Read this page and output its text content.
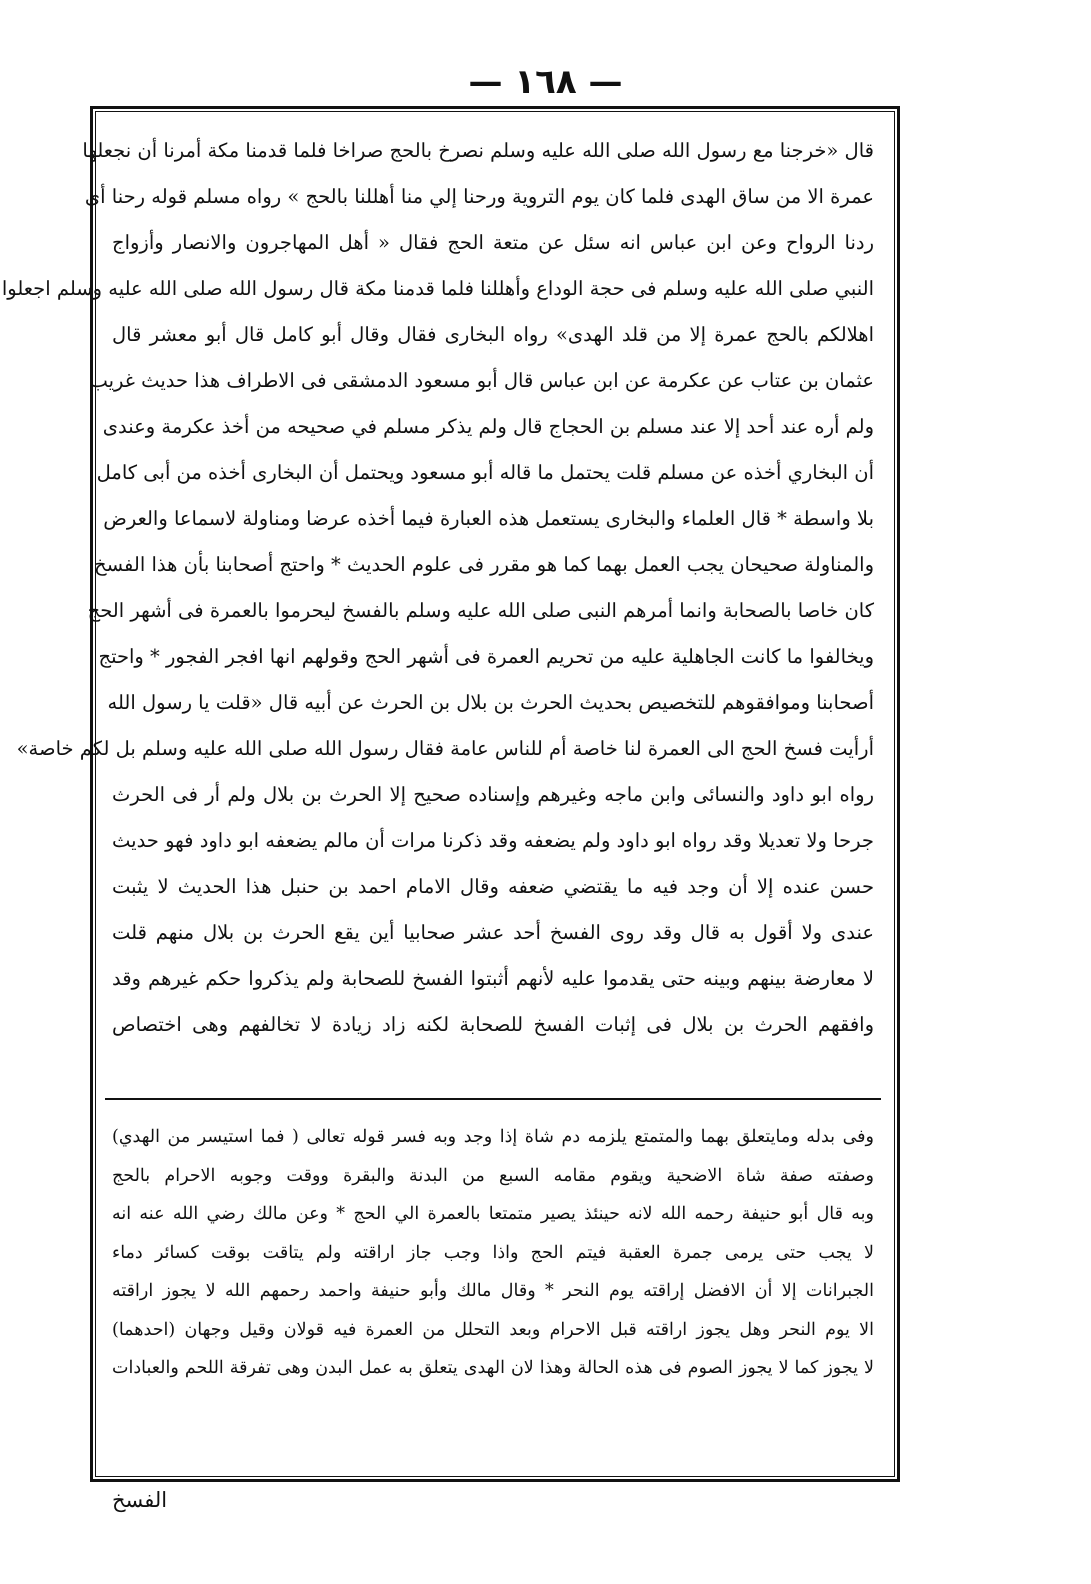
— ١٦٨ —
قال «خرجنا مع رسول الله صلى الله عليه وسلم نصرخ بالحج صراخا فلما قدمنا مكة أمرنا أن نجعلها
عمرة الا من ساق الهدى فلما كان يوم التروية ورحنا إلي منا أهللنا بالحج » رواه مسلم قوله رحنا أى
ردنا الرواح وعن ابن عباس انه سئل عن متعة الحج فقال « أهل المهاجرون والانصار وأزواج
النبي صلى الله عليه وسلم فى حجة الوداع وأهللنا فلما قدمنا مكة قال رسول الله صلى الله عليه وسلم اجعلوا
اهلالكم بالحج عمرة إلا من قلد الهدى» رواه البخارى فقال وقال أبو كامل قال أبو معشر قال
عثمان بن عتاب عن عكرمة عن ابن عباس قال أبو مسعود الدمشقى فى الاطراف هذا حديث غريب
ولم أره عند أحد إلا عند مسلم بن الحجاج قال ولم يذكر مسلم في صحيحه من أخذ عكرمة وعندى
أن البخاري أخذه عن مسلم قلت يحتمل ما قاله أبو مسعود ويحتمل أن البخارى أخذه من أبى كامل
بلا واسطة * قال العلماء والبخارى يستعمل هذه العبارة فيما أخذه عرضا ومناولة لاسماعا والعرض
والمناولة صحيحان يجب العمل بهما كما هو مقرر فى علوم الحديث * واحتج أصحابنا بأن هذا الفسخ
كان خاصا بالصحابة وانما أمرهم النبى صلى الله عليه وسلم بالفسخ ليحرموا بالعمرة فى أشهر الحج
ويخالفوا ما كانت الجاهلية عليه من تحريم العمرة فى أشهر الحج وقولهم انها افجر الفجور * واحتج
أصحابنا وموافقوهم للتخصيص بحديث الحرث بن بلال بن الحرث عن أبيه قال «قلت يا رسول الله
أرأيت فسخ الحج الى العمرة لنا خاصة أم للناس عامة فقال رسول الله صلى الله عليه وسلم بل لكم خاصة»
رواه ابو داود والنسائى وابن ماجه وغيرهم وإسناده صحيح إلا الحرث بن بلال ولم أر فى الحرث
جرحا ولا تعديلا وقد رواه ابو داود ولم يضعفه وقد ذكرنا مرات أن مالم يضعفه ابو داود فهو حديث
حسن عنده إلا أن وجد فيه ما يقتضي ضعفه وقال الامام احمد بن حنبل هذا الحديث لا يثبت
عندى ولا أقول به قال وقد روى الفسخ أحد عشر صحابيا أين يقع الحرث بن بلال منهم قلت
لا معارضة بينهم وبينه حتى يقدموا عليه لأنهم أثبتوا الفسخ للصحابة ولم يذكروا حكم غيرهم وقد
وافقهم الحرث بن بلال فى إثبات الفسخ للصحابة لكنه زاد زيادة لا تخالفهم وهى اختصاص
وفى بدله ومايتعلق بهما والمتمتع يلزمه دم شاة إذا وجد وبه فسر قوله تعالى ( فما استيسر من الهدي)
وصفته صفة شاة الاضحية ويقوم مقامه السبع من البدنة والبقرة ووقت وجوبه الاحرام بالحج
وبه قال أبو حنيفة رحمه الله لانه حينئذ يصير متمتعا بالعمرة الي الحج * وعن مالك رضي الله عنه انه
لا يجب حتى يرمى جمرة العقبة فيتم الحج واذا وجب جاز اراقته ولم يتاقت بوقت كسائر دماء
الجبرانات إلا أن الافضل إراقته يوم النحر * وقال مالك وأبو حنيفة واحمد رحمهم الله لا يجوز اراقته
الا يوم النحر وهل يجوز اراقته قبل الاحرام وبعد التحلل من العمرة فيه قولان وقيل وجهان (احدهما)
لا يجوز كما لا يجوز الصوم فى هذه الحالة وهذا لان الهدى يتعلق به عمل البدن وهى تفرقة اللحم والعبادات
الفسخ
